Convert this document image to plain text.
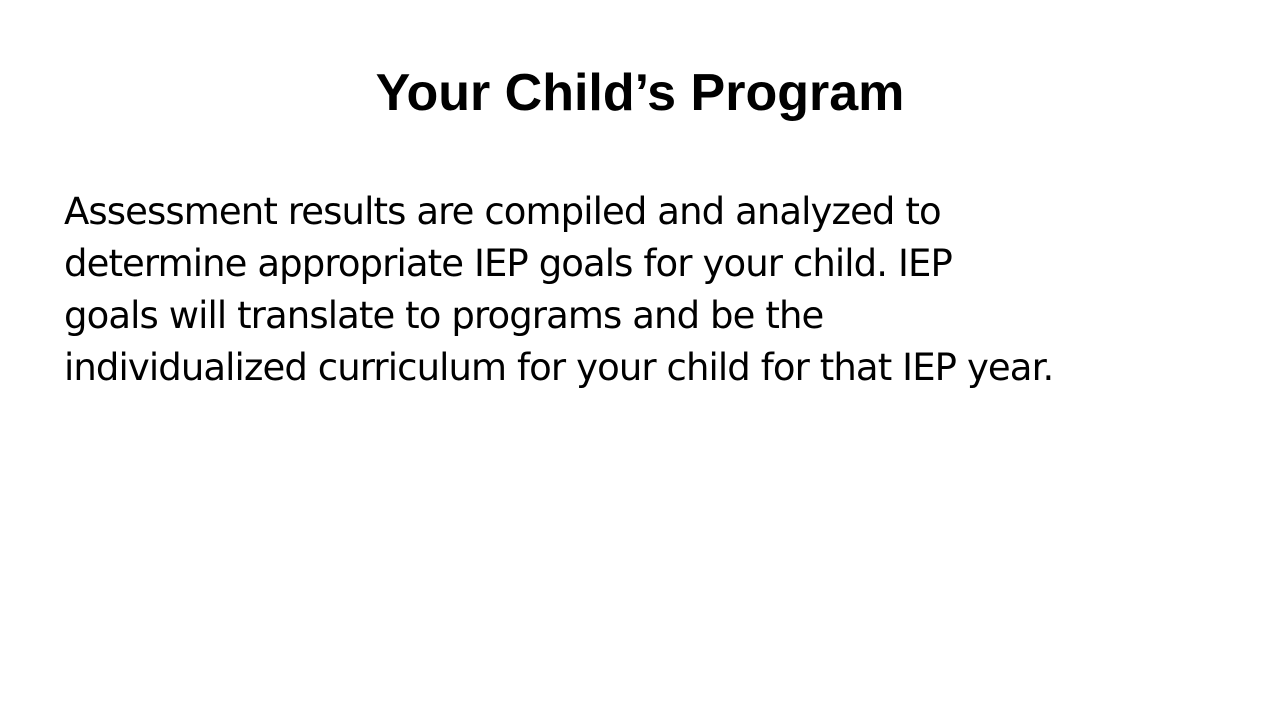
Your Child’s Program
Assessment results are compiled and analyzed to
determine appropriate IEP goals for your child. IEP
goals will translate to programs and be the
individualized curriculum for your child for that IEP year.
